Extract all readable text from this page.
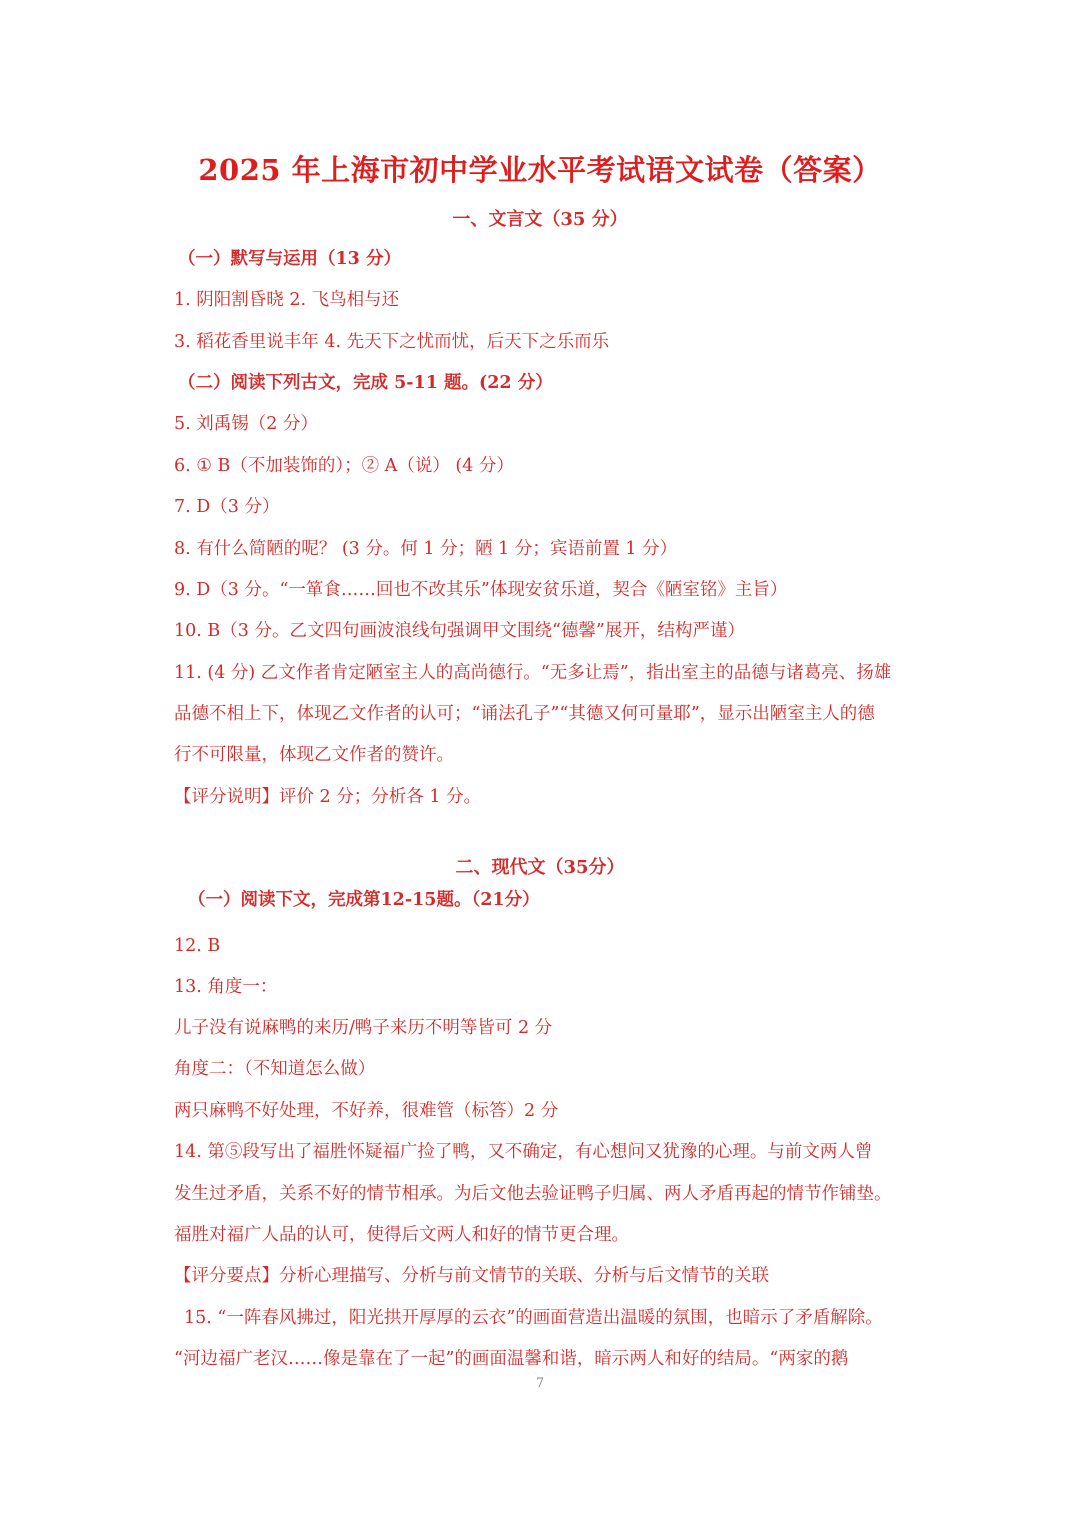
2025 年上海市初中学业水平考试语文试卷（答案）
一、文言文（35 分）
（一）默写与运用（13 分）
1. 阴阳割昏晓 2. 飞鸟相与还
3. 稻花香里说丰年 4. 先天下之忧而忧，后天下之乐而乐
（二）阅读下列古文，完成 5-11 题。(22 分）
5. 刘禹锡（2 分）
6. ① B（不加装饰的）；② A（说） (4 分）
7. D（3 分）
8. 有什么简陋的呢？ (3 分。何 1 分；陋 1 分；宾语前置 1 分）
9. D（3 分。“一箪食……回也不改其乐”体现安贫乐道，契合《陋室铭》主旨）
10. B（3 分。乙文四句画波浪线句强调甲文围绕“德馨”展开，结构严谨）
11. (4 分) 乙文作者肯定陋室主人的高尚德行。“无多让焉”，指出室主的品德与诸葛亮、扬雄
品德不相上下，体现乙文作者的认可；“诵法孔子”“其德又何可量耶”，显示出陋室主人的德
行不可限量，体现乙文作者的赞许。
【评分说明】评价 2 分；分析各 1 分。
二、现代文（35分）
（一）阅读下文，完成第12-15题。（21分）
12. B
13. 角度一：
儿子没有说麻鸭的来历/鸭子来历不明等皆可 2 分
角度二：（不知道怎么做）
两只麻鸭不好处理，不好养，很难管（标答）2 分
14. 第⑤段写出了福胜怀疑福广捡了鸭，又不确定，有心想问又犹豫的心理。与前文两人曾
发生过矛盾，关系不好的情节相承。为后文他去验证鸭子归属、两人矛盾再起的情节作铺垫。
福胜对福广人品的认可，使得后文两人和好的情节更合理。
【评分要点】分析心理描写、分析与前文情节的关联、分析与后文情节的关联
15. “一阵春风拂过，阳光拱开厚厚的云衣”的画面营造出温暖的氛围，也暗示了矛盾解除。
“河边福广老汉……像是靠在了一起”的画面温馨和谐，暗示两人和好的结局。“两家的鹅
7
